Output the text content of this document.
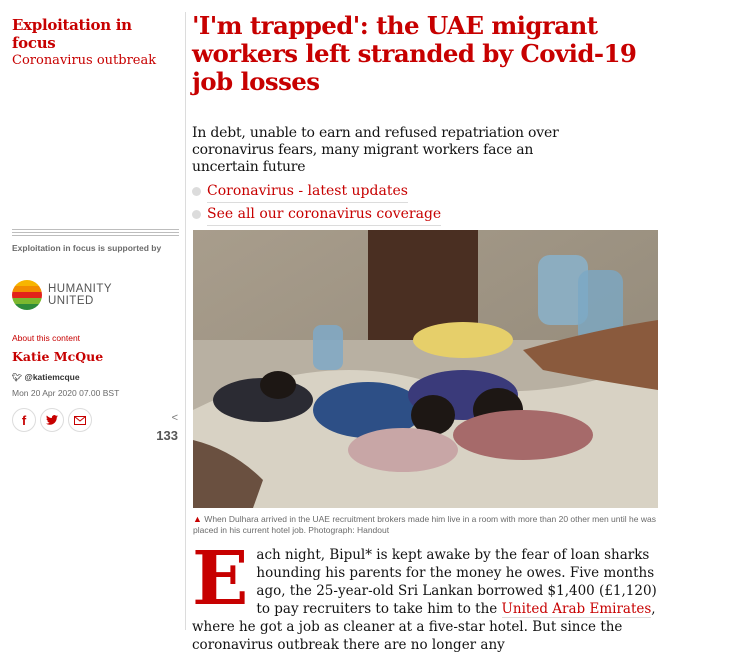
Exploitation in focus
Coronavirus outbreak
Exploitation in focus is supported by
HUMANITY
UNITED
About this content
Katie McQue
🐦︎ @katiemcque
Mon 20 Apr 2020 07.00 BST
f	<
133
'I'm trapped': the UAE migrant workers left stranded by Covid-19 job losses
In debt, unable to earn and refused repatriation over coronavirus fears, many migrant workers face an uncertain future
Coronavirus - latest updates
See all our coronavirus coverage
▲ When Dulhara arrived in the UAE recruitment brokers made him live in a room with more than 20 other men until he was placed in his current hotel job. Photograph: Handout
Each night, Bipul* is kept awake by the fear of loan sharks hounding his parents for the money he owes. Five months ago, the 25-year-old Sri Lankan borrowed $1,400 (£1,120) to pay recruiters to take him to the United Arab Emirates, where he got a job as cleaner at a five-star hotel. But since the coronavirus outbreak there are no longer any
